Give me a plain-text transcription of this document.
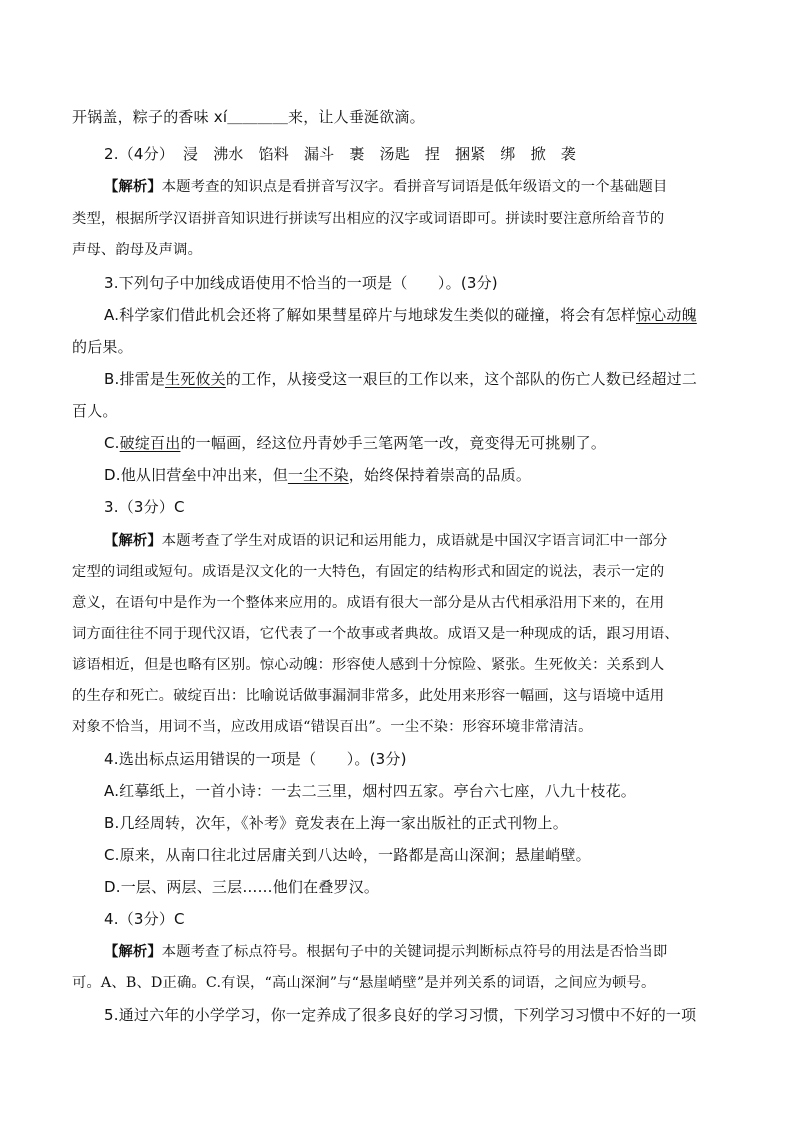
开锅盖，粽子的香味 xí＿＿＿＿来，让人垂涎欲滴。
2.（4分） 浸 沸水 馅料 漏斗 裹 汤匙 捏 捆紧 绑 掀 袭
【解析】本题考查的知识点是看拼音写汉字。看拼音写词语是低年级语文的一个基础题目
类型，根据所学汉语拼音知识进行拼读写出相应的汉字或词语即可。拼读时要注意所给音节的
声母、韵母及声调。
3.下列句子中加线成语使用不恰当的一项是（　　）。(3分)
A.科学家们借此机会还将了解如果彗星碎片与地球发生类似的碰撞，将会有怎样惊心动魄
的后果。
B.排雷是生死攸关的工作，从接受这一艰巨的工作以来，这个部队的伤亡人数已经超过二
百人。
C.破绽百出的一幅画，经这位丹青妙手三笔两笔一改，竟变得无可挑剔了。
D.他从旧营垒中冲出来，但一尘不染，始终保持着崇高的品质。
3.（3分）C
【解析】本题考查了学生对成语的识记和运用能力，成语就是中国汉字语言词汇中一部分
定型的词组或短句。成语是汉文化的一大特色，有固定的结构形式和固定的说法，表示一定的
意义，在语句中是作为一个整体来应用的。成语有很大一部分是从古代相承沿用下来的，在用
词方面往往不同于现代汉语，它代表了一个故事或者典故。成语又是一种现成的话，跟习用语、
谚语相近，但是也略有区别。惊心动魄：形容使人感到十分惊险、紧张。生死攸关：关系到人
的生存和死亡。破绽百出：比喻说话做事漏洞非常多，此处用来形容一幅画，这与语境中适用
对象不恰当，用词不当，应改用成语“错误百出”。一尘不染：形容环境非常清洁。
4.选出标点运用错误的一项是（　　）。(3分)
A.红摹纸上，一首小诗：一去二三里，烟村四五家。亭台六七座，八九十枝花。
B.几经周转，次年，《补考》竟发表在上海一家出版社的正式刊物上。
C.原来，从南口往北过居庸关到八达岭，一路都是高山深涧；悬崖峭壁。
D.一层、两层、三层……他们在叠罗汉。
4.（3分）C
【解析】本题考查了标点符号。根据句子中的关键词提示判断标点符号的用法是否恰当即
可。A、B、D正确。C.有误，“高山深涧”与“悬崖峭壁”是并列关系的词语，之间应为顿号。
5.通过六年的小学学习，你一定养成了很多良好的学习习惯，下列学习习惯中不好的一项
